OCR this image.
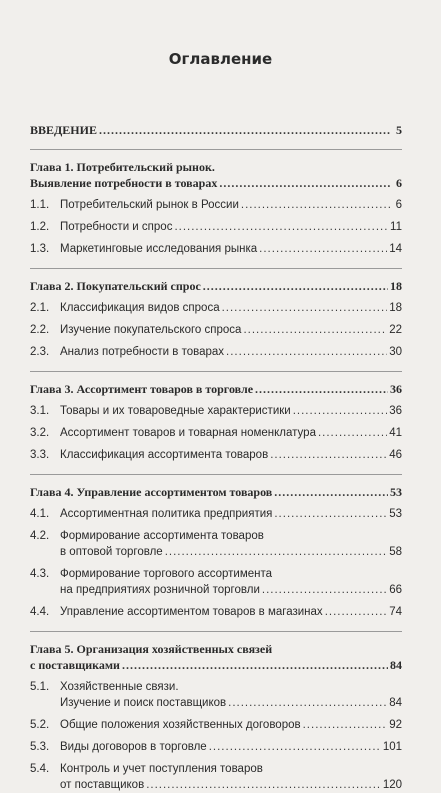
Оглавление
ВВЕДЕНИЕ .....	5
Глава 1. Потребительский рынок.
Выявление потребности в товарах .....	6
1.1. Потребительский рынок в России .....	6
1.2. Потребности и спрос .....	11
1.3. Маркетинговые исследования рынка .....	14
Глава 2. Покупательский спрос .....	18
2.1. Классификация видов спроса .....	18
2.2. Изучение покупательского спроса .....	22
2.3. Анализ потребности в товарах .....	30
Глава 3. Ассортимент товаров в торговле .....	36
3.1. Товары и их товароведные характеристики .....	36
3.2. Ассортимент товаров и товарная номенклатура .....	41
3.3. Классификация ассортимента товаров .....	46
Глава 4. Управление ассортиментом товаров .....	53
4.1. Ассортиментная политика предприятия .....	53
4.2. Формирование ассортимента товаров
в оптовой торговле .....	58
4.3. Формирование торгового ассортимента
на предприятиях розничной торговли .....	66
4.4. Управление ассортиментом товаров в магазинах .....	74
Глава 5. Организация хозяйственных связей
с поставщиками .....	84
5.1. Хозяйственные связи.
Изучение и поиск поставщиков .....	84
5.2. Общие положения хозяйственных договоров .....	92
5.3. Виды договоров в торговле .....	101
5.4. Контроль и учет поступления товаров
от поставщиков .....	120
